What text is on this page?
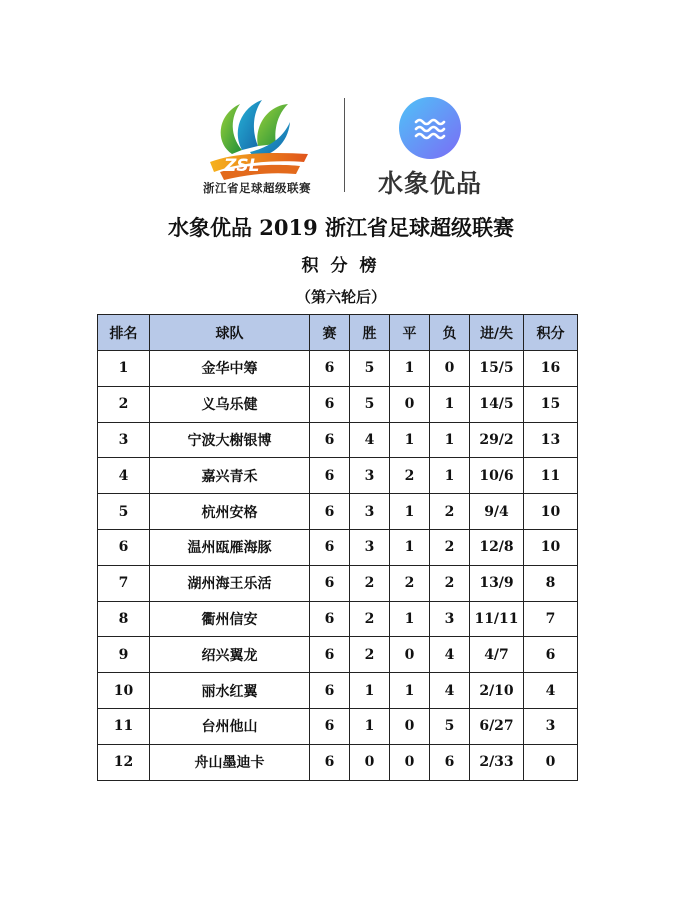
ZSL
浙江省足球超级联赛	水象优品
水象优品 2019 浙江省足球超级联赛
积分榜
（第六轮后）
排名	球队	赛	胜	平	负	进/失	积分
1	金华中筹	6	5	1	0	15/5	16
2	义乌乐健	6	5	0	1	14/5	15
3	宁波大榭银博	6	4	1	1	29/2	13
4	嘉兴青禾	6	3	2	1	10/6	11
5	杭州安格	6	3	1	2	9/4	10
6	温州瓯雁海豚	6	3	1	2	12/8	10
7	湖州海王乐活	6	2	2	2	13/9	8
8	衢州信安	6	2	1	3	11/11	7
9	绍兴翼龙	6	2	0	4	4/7	6
10	丽水红翼	6	1	1	4	2/10	4
11	台州他山	6	1	0	5	6/27	3
12	舟山墨迪卡	6	0	0	6	2/33	0
